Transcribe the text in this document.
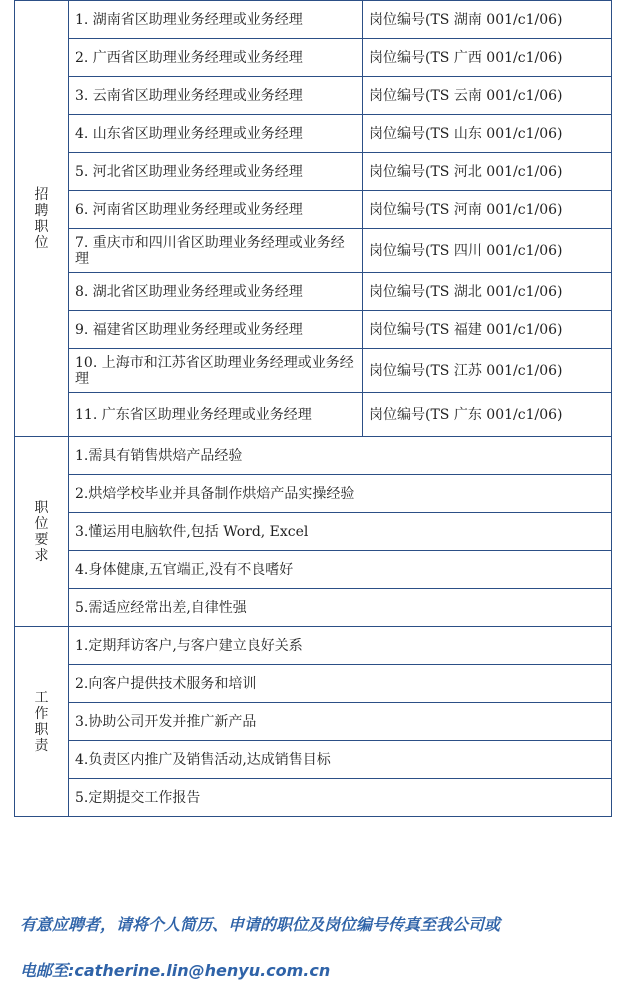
招聘职位	1. 湖南省区助理业务经理或业务经理	岗位编号(TS 湖南 001/c1/06)
	2. 广西省区助理业务经理或业务经理	岗位编号(TS 广西 001/c1/06)
	3. 云南省区助理业务经理或业务经理	岗位编号(TS 云南 001/c1/06)
	4. 山东省区助理业务经理或业务经理	岗位编号(TS 山东 001/c1/06)
	5. 河北省区助理业务经理或业务经理	岗位编号(TS 河北 001/c1/06)
	6. 河南省区助理业务经理或业务经理	岗位编号(TS 河南 001/c1/06)
	7. 重庆市和四川省区助理业务经理或业务经理	岗位编号(TS 四川 001/c1/06)
	8. 湖北省区助理业务经理或业务经理	岗位编号(TS 湖北 001/c1/06)
	9. 福建省区助理业务经理或业务经理	岗位编号(TS 福建 001/c1/06)
	10. 上海市和江苏省区助理业务经理或业务经理	岗位编号(TS 江苏 001/c1/06)
	11. 广东省区助理业务经理或业务经理	岗位编号(TS 广东 001/c1/06)
职位要求	1.需具有销售烘焙产品经验	
	2.烘焙学校毕业并具备制作烘焙产品实操经验	
	3.懂运用电脑软件,包括 Word, Excel	
	4.身体健康,五官端正,没有不良嗜好	
	5.需适应经常出差,自律性强	
工作职责	1.定期拜访客户,与客户建立良好关系	
	2.向客户提供技术服务和培训	
	3.协助公司开发并推广新产品	
	4.负责区内推广及销售活动,达成销售目标	
	5.定期提交工作报告	
有意应聘者，请将个人简历、申请的职位及岗位编号传真至我公司或
电邮至:catherine.lin@henyu.com.cn
